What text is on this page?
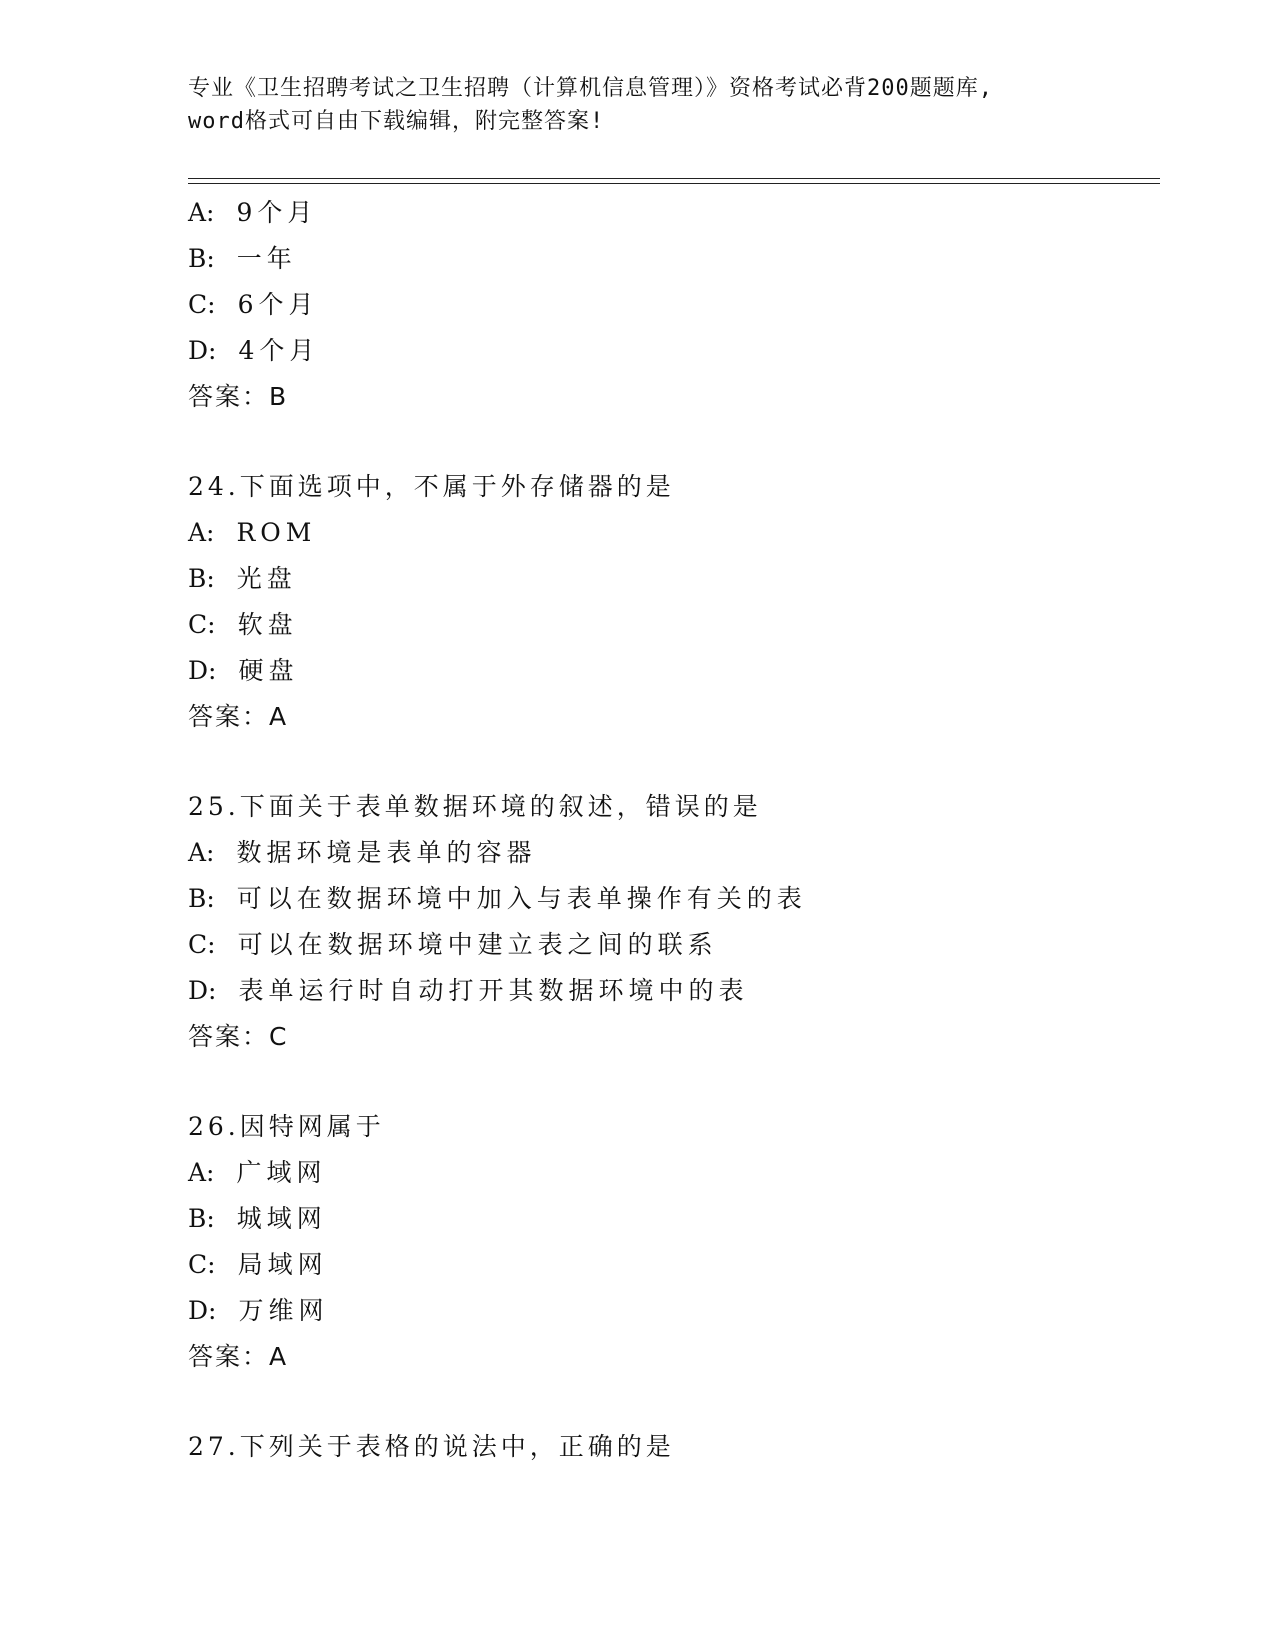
专业《卫生招聘考试之卫生招聘（计算机信息管理）》资格考试必背200题题库,
word格式可自由下载编辑，附完整答案!
A: 9个月
B: 一年
C: 6个月
D: 4个月
答案：B
24.下面选项中，不属于外存储器的是
A: ROM
B: 光盘
C: 软盘
D: 硬盘
答案：A
25.下面关于表单数据环境的叙述，错误的是
A: 数据环境是表单的容器
B: 可以在数据环境中加入与表单操作有关的表
C: 可以在数据环境中建立表之间的联系
D: 表单运行时自动打开其数据环境中的表
答案：C
26.因特网属于
A: 广域网
B: 城域网
C: 局域网
D: 万维网
答案：A
27.下列关于表格的说法中，正确的是
